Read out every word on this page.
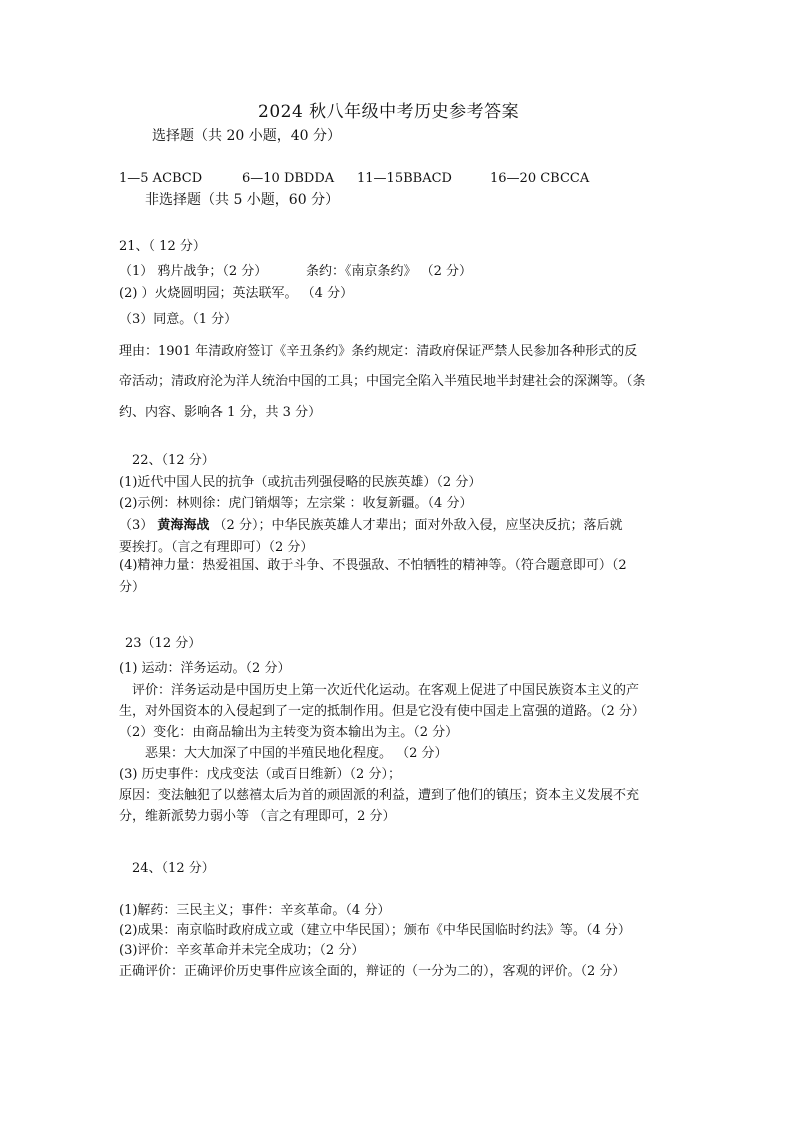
2024 秋八年级中考历史参考答案
选择题（共 20 小题，40 分）
1—5 ACBCD	6—10 DBDDA 11—15BBACD	16—20 CBCCA
非选择题（共 5 小题，60 分）
21、（ 12 分）
（1） 鸦片战争；（2 分）	条约：《南京条约》 （2 分）
(2) ）火烧圆明园；英法联军。 （4 分）
（3）同意。（1 分）
理由：1901 年清政府签订《辛丑条约》条约规定：清政府保证严禁人民参加各种形式的反
帝活动；清政府沦为洋人统治中国的工具；中国完全陷入半殖民地半封建社会的深渊等。（条
约、内容、影响各 1 分，共 3 分）
22、（12 分）
(1)近代中国人民的抗争（或抗击列强侵略的民族英雄）（2 分）
(2)示例：林则徐：虎门销烟等；左宗棠 ：收复新疆。（4 分）
（3） 黄海海战 （2 分）；中华民族英雄人才辈出；面对外敌入侵，应坚决反抗；落后就
要挨打。（言之有理即可）（2 分）
(4)精神力量：热爱祖国、敢于斗争、不畏强敌、不怕牺牲的精神等。（符合题意即可）（2
分）
23（12 分）
(1) 运动：洋务运动。（2 分）
评价：洋务运动是中国历史上第一次近代化运动。在客观上促进了中国民族资本主义的产
生，对外国资本的入侵起到了一定的抵制作用。但是它没有使中国走上富强的道路。（2 分）
（2）变化：由商品输出为主转变为资本输出为主。（2 分）
恶果：大大加深了中国的半殖民地化程度。 （2 分）
(3) 历史事件：戊戌变法（或百日维新）（2 分）；
原因：变法触犯了以慈禧太后为首的顽固派的利益，遭到了他们的镇压；资本主义发展不充
分，维新派势力弱小等 （言之有理即可，2 分）
24、（12 分）
(1)解药：三民主义；事件：辛亥革命。（4 分）
(2)成果：南京临时政府成立或（建立中华民国）；颁布《中华民国临时约法》等。（4 分）
(3)评价：辛亥革命并未完全成功；（2 分）
正确评价：正确评价历史事件应该全面的，辩证的（一分为二的），客观的评价。（2 分）
